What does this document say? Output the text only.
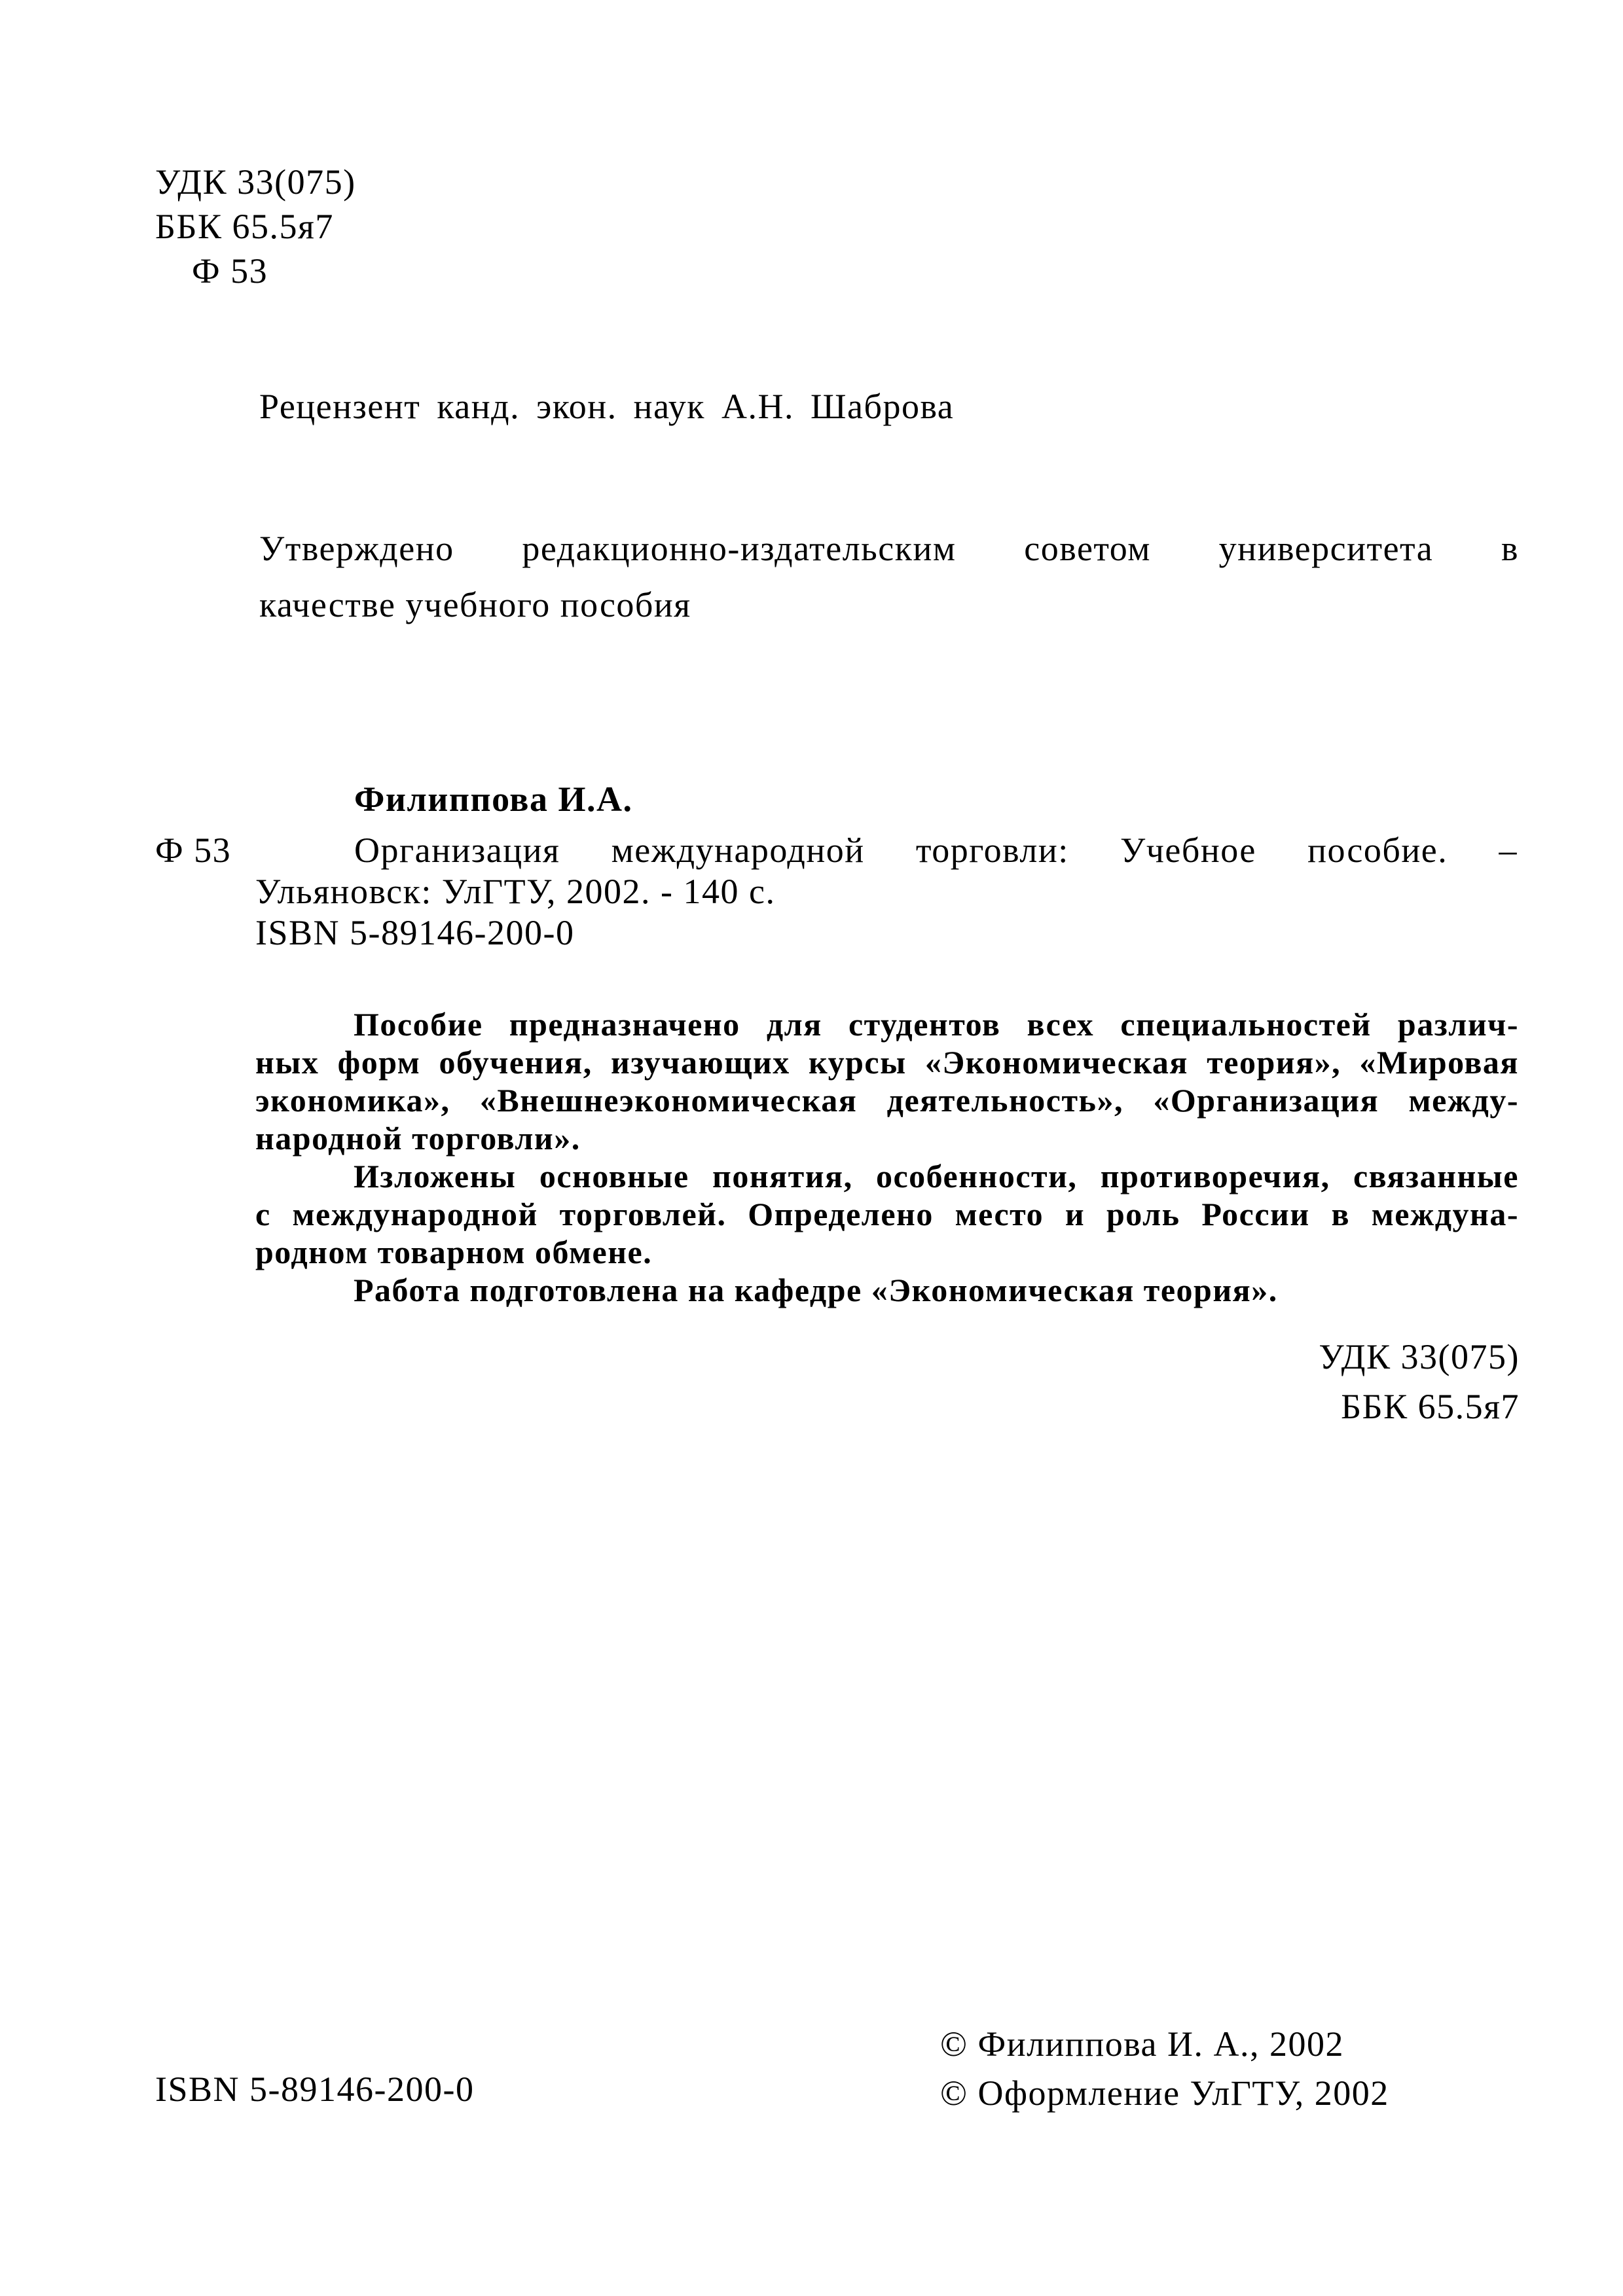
УДК 33(075)
ББК 65.5я7
Ф 53
Рецензент канд. экон. наук А.Н. Шаброва
Утверждено редакционно-издательским советом университета в
качестве учебного пособия
Филиппова И.А.
Ф 53	Организация международной торговли: Учебное пособие. –
Ульяновск: УлГТУ, 2002. - 140 с.
ISBN 5-89146-200-0
Пособие предназначено для студентов всех специальностей различ-
ных форм обучения, изучающих курсы «Экономическая теория», «Мировая
экономика», «Внешнеэкономическая деятельность», «Организация между-
народной торговли».
Изложены основные понятия, особенности, противоречия, связанные
с международной торговлей. Определено место и роль России в междуна-
родном товарном обмене.
Работа подготовлена на кафедре «Экономическая теория».
УДК 33(075)
ББК 65.5я7
© Филиппова И. А., 2002
© Оформление УлГТУ, 2002
ISBN 5-89146-200-0
